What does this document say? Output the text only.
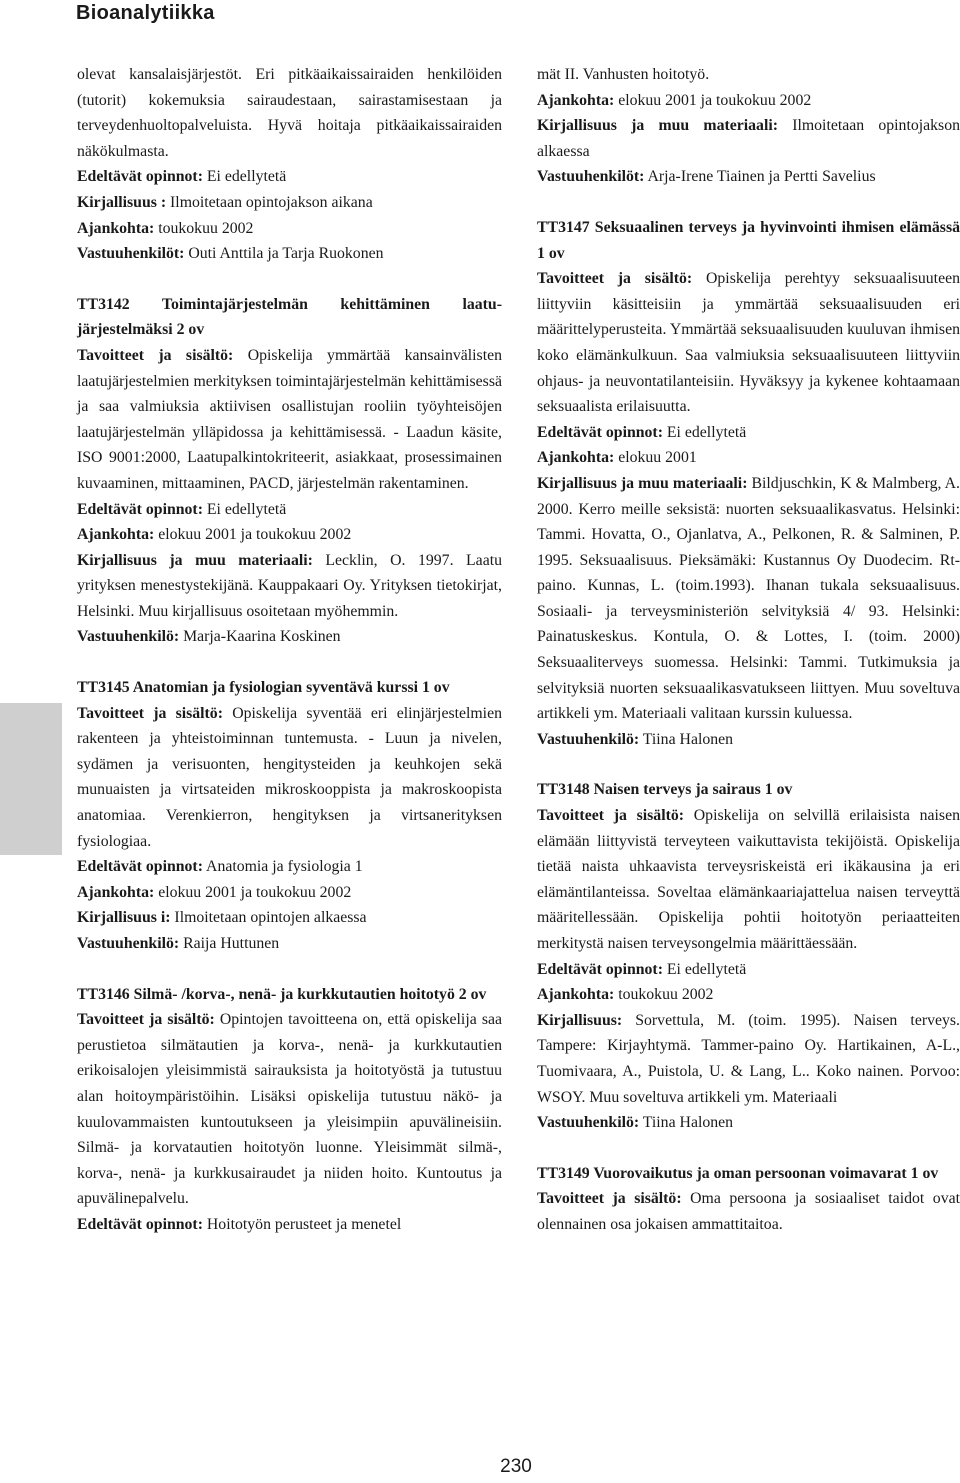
Bioanalytiikka

olevat kansalaisjärjestöt. Eri pitkäaikaissairaiden henkilöiden (tutorit) kokemuksia sairaudestaan, sairastamisestaan ja terveydenhuoltopalveluista. Hyvä hoitaja pitkäaikaissairaiden näkökulmasta.

Edeltävät opinnot: Ei edellytetä

Kirjallisuus : Ilmoitetaan opintojakson aikana

Ajankohta: toukokuu 2002

Vastuuhenkilöt: Outi Anttila ja Tarja Ruokonen

TT3142 Toimintajärjestelmän kehittäminen laatujärjestelmäksi 2 ov

Tavoitteet ja sisältö: Opiskelija ymmärtää kansainvälisten laatujärjestelmien merkityksen toimintajärjestelmän kehittämisessä ja saa valmiuksia aktiivisen osallistujan rooliin työyhteisöjen laatujärjestelmän ylläpidossa ja kehittämisessä. - Laadun käsite, ISO 9001:2000, Laatupalkintokriteerit, asiakkaat, prosessimainen kuvaaminen, mittaaminen, PACD, järjestelmän rakentaminen.

Edeltävät opinnot: Ei edellytetä

Ajankohta: elokuu 2001 ja toukokuu 2002

Kirjallisuus ja muu materiaali: Lecklin, O. 1997. Laatu yrityksen menestystekijänä. Kauppakaari Oy. Yrityksen tietokirjat, Helsinki. Muu kirjallisuus osoitetaan myöhemmin.

Vastuuhenkilö: Marja-Kaarina Koskinen

TT3145 Anatomian ja fysiologian syventävä kurssi 1 ov

Tavoitteet ja sisältö: Opiskelija syventää eri elinjärjestelmien rakenteen ja yhteistoiminnan tuntemusta. - Luun ja nivelen, sydämen ja verisuonten, hengitysteiden ja keuhkojen sekä munuaisten ja virtsateiden mikroskooppista ja makroskoopista anatomiaa. Verenkierron, hengityksen ja virtsanerityksen fysiologiaa.

Edeltävät opinnot: Anatomia ja fysiologia 1

Ajankohta: elokuu 2001 ja toukokuu 2002

Kirjallisuus i: Ilmoitetaan opintojen alkaessa

Vastuuhenkilö: Raija Huttunen

TT3146 Silmä- /korva-, nenä- ja kurkkutautien hoitotyö 2 ov

Tavoitteet ja sisältö: Opintojen tavoitteena on, että opiskelija saa perustietoa silmätautien ja korva-, nenä- ja kurkkutautien erikoisalojen yleisimmistä sairauksista ja hoitotyöstä ja tutustuu alan hoitoympäristöihin. Lisäksi opiskelija tutustuu näkö- ja kuulovammaisten kuntoutukseen ja yleisimpiin apuvälineisiin. Silmä- ja korvatautien hoitotyön luonne. Yleisimmät silmä-, korva-, nenä- ja kurkkusairaudet ja niiden hoito. Kuntoutus ja apuvälinepalvelu.

Edeltävät opinnot: Hoitotyön perusteet ja menetel

mät II. Vanhusten hoitotyö.

Ajankohta: elokuu 2001 ja toukokuu 2002

Kirjallisuus ja muu materiaali: Ilmoitetaan opintojakson alkaessa

Vastuuhenkilöt: Arja-Irene Tiainen ja Pertti Savelius

TT3147 Seksuaalinen terveys ja hyvinvointi ihmisen elämässä 1 ov

Tavoitteet ja sisältö: Opiskelija perehtyy seksuaalisuuteen liittyviin käsitteisiin ja ymmärtää seksuaalisuuden eri määrittelyperusteita. Ymmärtää seksuaalisuuden kuuluvan ihmisen koko elämänkulkuun. Saa valmiuksia seksuaalisuuteen liittyviin ohjaus- ja neuvontatilanteisiin. Hyväksyy ja kykenee kohtaamaan seksuaalista erilaisuutta.

Edeltävät opinnot: Ei edellytetä

Ajankohta: elokuu 2001

Kirjallisuus ja muu materiaali: Bildjuschkin, K & Malmberg, A. 2000. Kerro meille seksistä: nuorten seksuaalikasvatus. Helsinki: Tammi. Hovatta, O., Ojanlatva, A., Pelkonen, R. & Salminen, P. 1995. Seksuaalisuus. Pieksämäki: Kustannus Oy Duodecim. Rtpaino. Kunnas, L. (toim.1993). Ihanan tukala seksuaalisuus. Sosiaali- ja terveysministeriön selvityksiä 4/ 93. Helsinki: Painatuskeskus. Kontula, O. & Lottes, I. (toim. 2000) Seksuaaliterveys suomessa. Helsinki: Tammi. Tutkimuksia ja selvityksiä nuorten seksuaalikasvatukseen liittyen. Muu soveltuva artikkeli ym. Materiaali valitaan kurssin kuluessa.

Vastuuhenkilö: Tiina Halonen

TT3148 Naisen terveys ja sairaus 1 ov

Tavoitteet ja sisältö: Opiskelija on selvillä erilaisista naisen elämään liittyvistä terveyteen vaikuttavista tekijöistä. Opiskelija tietää naista uhkaavista terveysriskeistä eri ikäkausina ja eri elämäntilanteissa. Soveltaa elämänkaariajattelua naisen terveyttä määritellessään. Opiskelija pohtii hoitotyön periaatteiten merkitystä naisen terveysongelmia määrittäessään.

Edeltävät opinnot: Ei edellytetä

Ajankohta: toukokuu 2002

Kirjallisuus: Sorvettula, M. (toim. 1995). Naisen terveys. Tampere: Kirjayhtymä. Tammer-paino Oy. Hartikainen, A-L., Tuomivaara, A., Puistola, U. & Lang, L.. Koko nainen. Porvoo: WSOY. Muu soveltuva artikkeli ym. Materiaali

Vastuuhenkilö: Tiina Halonen

TT3149 Vuorovaikutus ja oman persoonan voimavarat 1 ov

Tavoitteet ja sisältö: Oma persoona ja sosiaaliset taidot ovat olennainen osa jokaisen ammattitaitoa.

230
